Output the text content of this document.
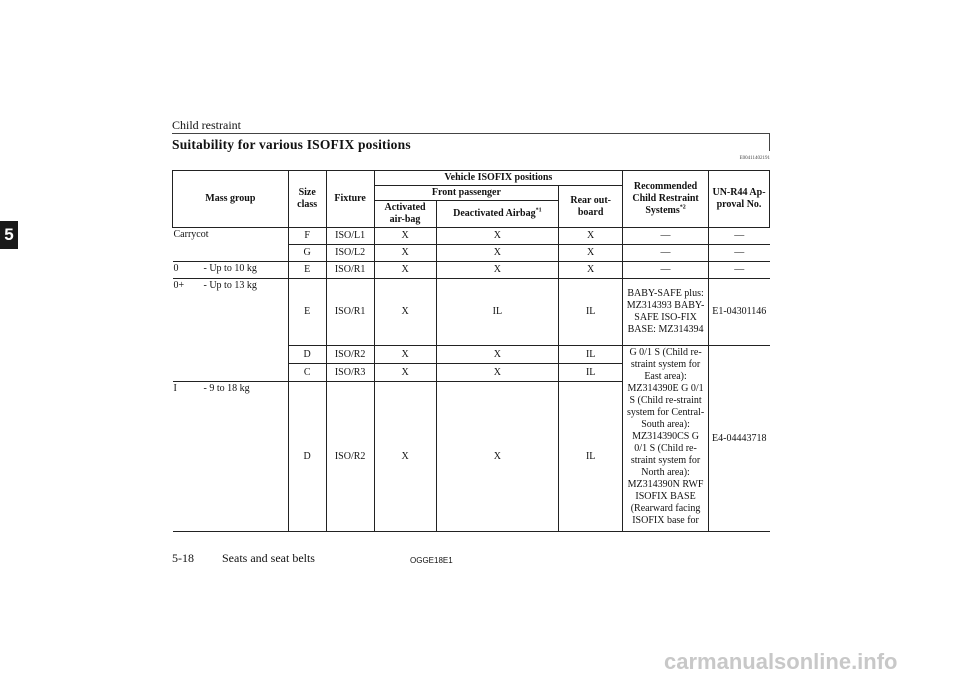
5
Child restraint
Suitability for various ISOFIX positions
E00411402191
Mass group	Size class	Fixture	Vehicle ISOFIX positions			Recommended Child Restraint Systems$^{*2}$	UN-R44 Ap-proval No.
			Front passenger		Rear out-board		
			Activated air-bag	Deactivated Airbag$^{*1}$
Carrycot	F	ISO/L1	X	X	X	—	—
	G	ISO/L2	X	X	X	—	—

0 - Up to 10 kg	E	ISO/R1	X	X	X	—	—

0+ - Up to 13 kg	E	ISO/R1	X	IL	IL	BABY-SAFE plus: MZ314393 BABY-SAFE ISO-FIX BASE: MZ314394	E1-04301146
	D	ISO/R2	X	X	IL	G 0/1 S (Child re-straint system for East area): MZ314390E G 0/1 S (Child re-straint system for Central-South area): MZ314390CS G 0/1 S (Child re-straint system for North area): MZ314390N RWF ISOFIX BASE (Rearward facing ISOFIX base for	E4-04443718
	C	ISO/R3	X	X	IL		

I - 9 to 18 kg	D	ISO/R2	X	X	IL		
5-18 Seats and seat belts	OGGE18E1
carmanualsonline.info
